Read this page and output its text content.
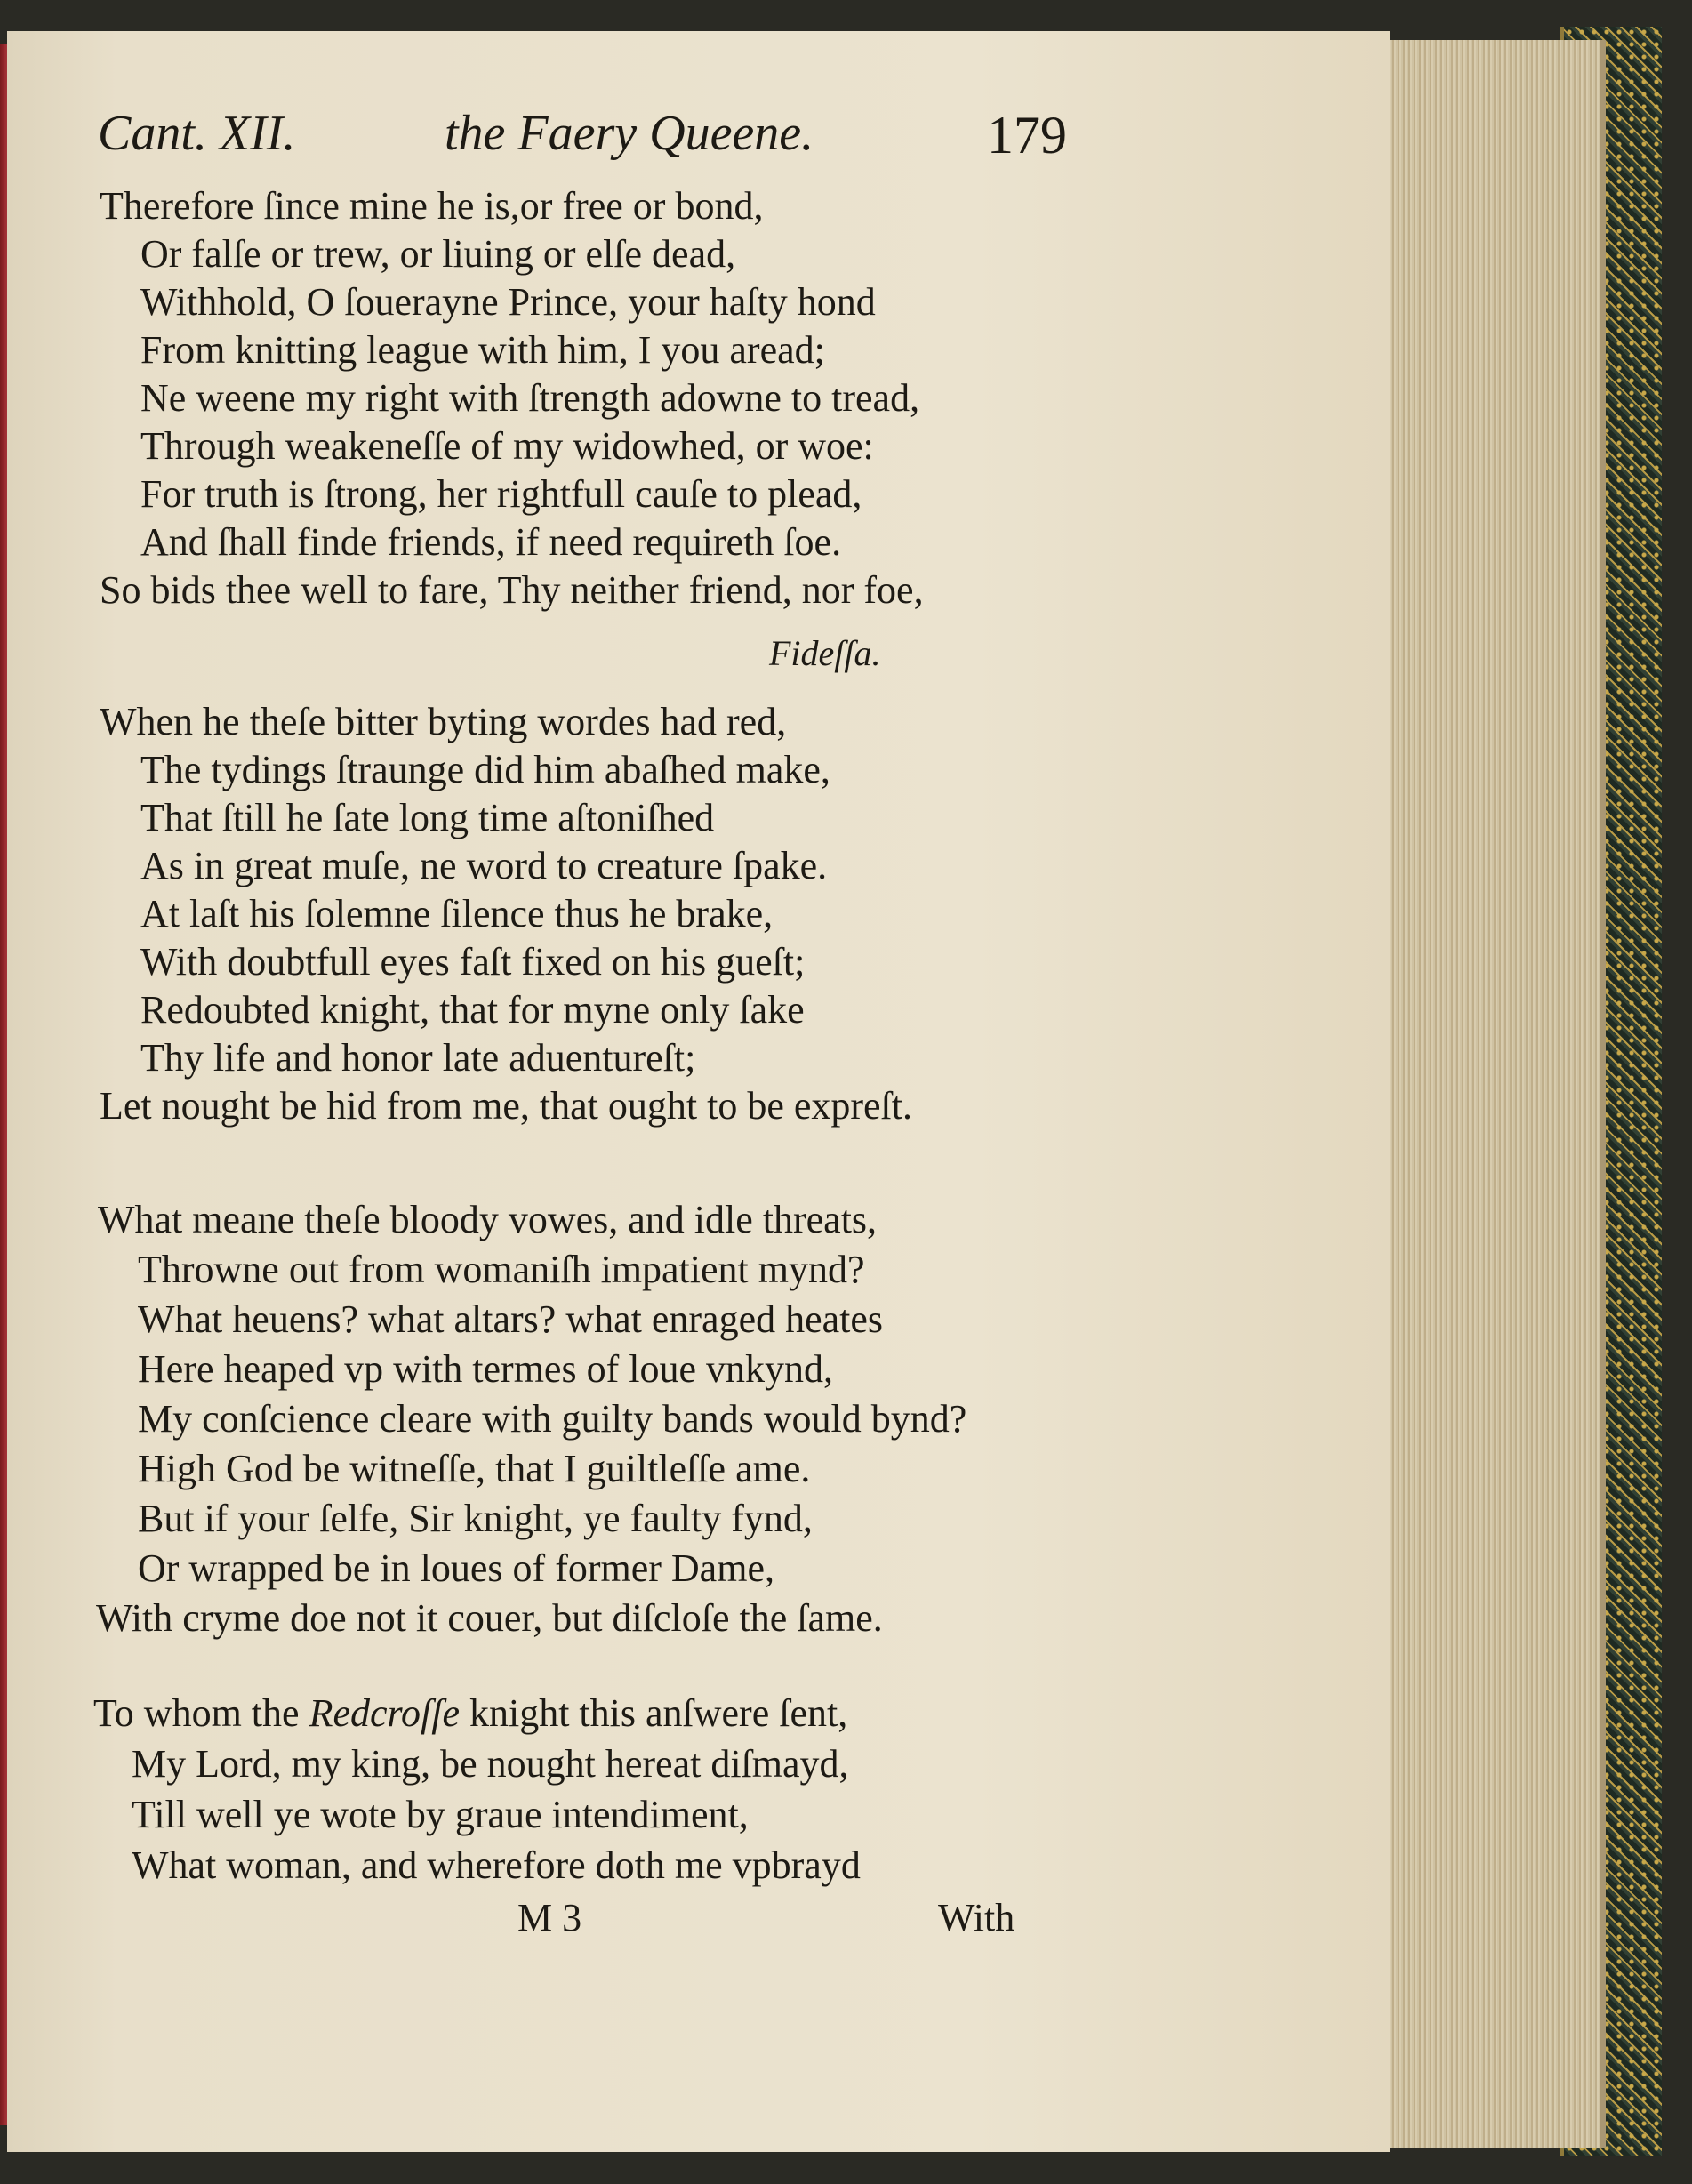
Cant. XII.	the Faery Queene.	179
Therefore ſince mine he is,or free or bond,
Or falſe or trew, or liuing or elſe dead,
Withhold, O ſouerayne Prince, your haſty hond
From knitting league with him, I you aread;
Ne weene my right with ſtrength adowne to tread,
Through weakeneſſe of my widowhed, or woe:
For truth is ſtrong, her rightfull cauſe to plead,
And ſhall finde friends, if need requireth ſoe.
So bids thee well to fare, Thy neither friend, nor foe,
Fideſſa.
When he theſe bitter byting wordes had red,
The tydings ſtraunge did him abaſhed make,
That ſtill he ſate long time aſtoniſhed
As in great muſe, ne word to creature ſpake.
At laſt his ſolemne ſilence thus he brake,
With doubtfull eyes faſt fixed on his gueſt;
Redoubted knight, that for myne only ſake
Thy life and honor late aduentureſt;
Let nought be hid from me, that ought to be expreſt.
What meane theſe bloody vowes, and idle threats,
Throwne out from womaniſh impatient mynd?
What heuens? what altars? what enraged heates
Here heaped vp with termes of loue vnkynd,
My conſcience cleare with guilty bands would bynd?
High God be witneſſe, that I guiltleſſe ame.
But if your ſelfe, Sir knight, ye faulty fynd,
Or wrapped be in loues of former Dame,
With cryme doe not it couer, but diſcloſe the ſame.
To whom the Redcroſſe knight this anſwere ſent,
My Lord, my king, be nought hereat diſmayd,
Till well ye wote by graue intendiment,
What woman, and wherefore doth me vpbrayd
M 3	With
